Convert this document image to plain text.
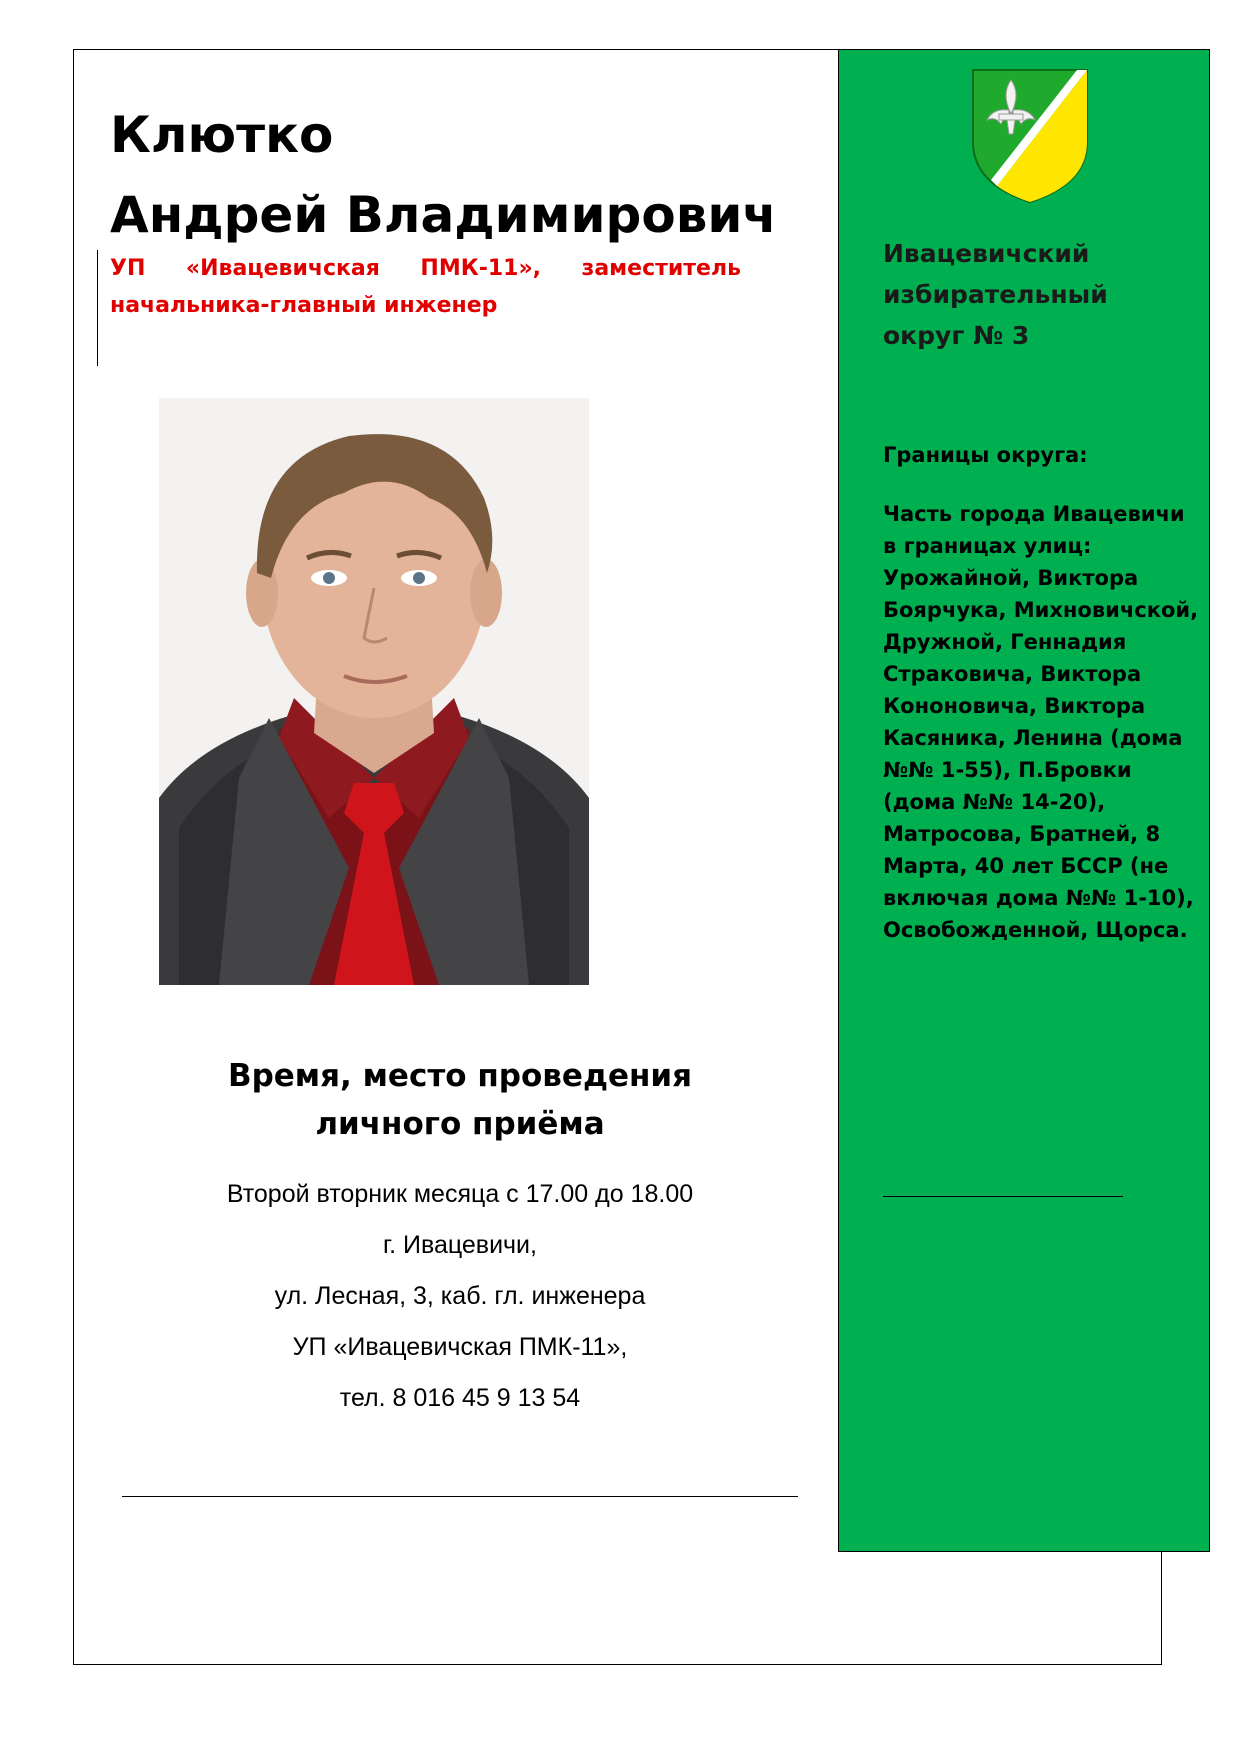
Клютко
Андрей Владимирович
УП «Ивацевичская ПМК-11», заместитель начальника-главный инженер
Время, место проведения
личного приёма
Второй вторник месяца с 17.00 до 18.00
г. Ивацевичи,
ул. Лесная, 3, каб. гл. инженера
УП «Ивацевичская ПМК-11»,
тел. 8 016 45 9 13 54
Ивацевичский избирательный округ № 3
Границы округа:
Часть города Ивацевичи в границах улиц: Урожайной, Виктора Боярчука, Михновичской, Дружной, Геннадия Страковича, Виктора Кононовича, Виктора Касяника, Ленина (дома №№ 1-55), П.Бровки (дома №№ 14-20), Матросова, Братней, 8 Марта, 40 лет БССР (не включая дома №№ 1-10), Освобожденной, Щорса.
